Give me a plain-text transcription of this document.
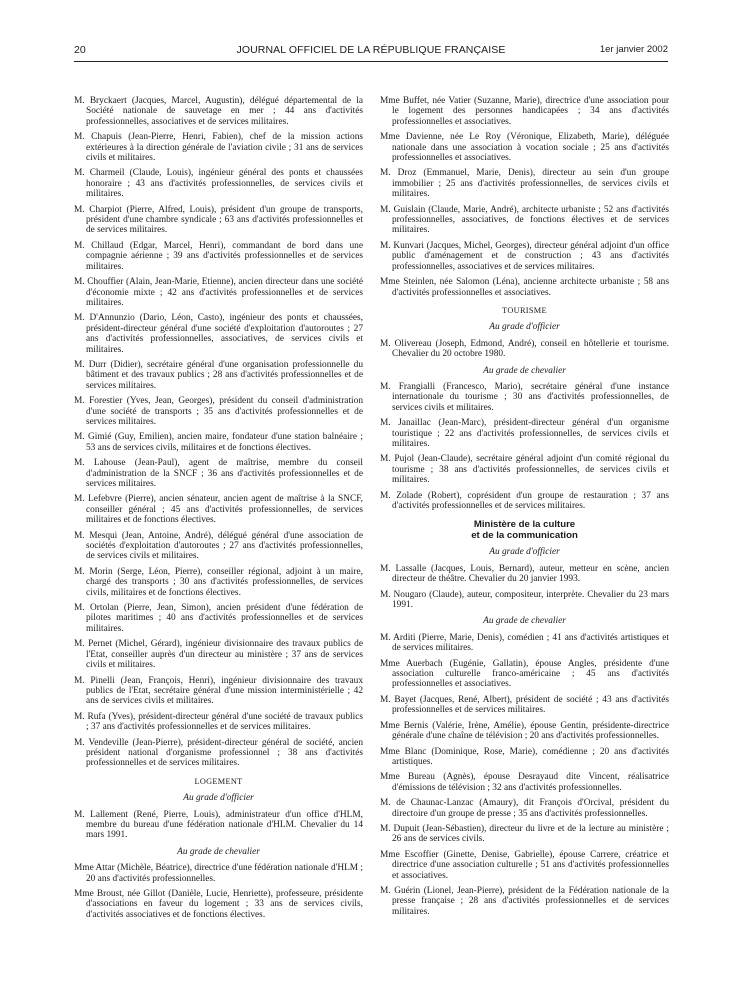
20	JOURNAL OFFICIEL DE LA RÉPUBLIQUE FRANÇAISE	1er janvier 2002
M. Bryckaert (Jacques, Marcel, Augustin), délégué départemental de la Société nationale de sauvetage en mer ; 44 ans d'activités professionnelles, associatives et de services militaires.
M. Chapuis (Jean-Pierre, Henri, Fabien), chef de la mission actions extérieures à la direction générale de l'aviation civile ; 31 ans de services civils et militaires.
M. Charmeil (Claude, Louis), ingénieur général des ponts et chaussées honoraire ; 43 ans d'activités professionnelles, de services civils et militaires.
M. Charpiot (Pierre, Alfred, Louis), président d'un groupe de transports, président d'une chambre syndicale ; 63 ans d'activités professionnelles et de services militaires.
M. Chillaud (Edgar, Marcel, Henri), commandant de bord dans une compagnie aérienne ; 39 ans d'activités professionnelles et de services militaires.
M. Chouffier (Alain, Jean-Marie, Etienne), ancien directeur dans une société d'économie mixte ; 42 ans d'activités professionnelles et de services militaires.
M. D'Annunzio (Dario, Léon, Casto), ingénieur des ponts et chaussées, président-directeur général d'une société d'exploitation d'autoroutes ; 27 ans d'activités professionnelles, associatives, de services civils et militaires.
M. Durr (Didier), secrétaire général d'une organisation professionnelle du bâtiment et des travaux publics ; 28 ans d'activités professionnelles et de services militaires.
M. Forestier (Yves, Jean, Georges), président du conseil d'administration d'une société de transports ; 35 ans d'activités professionnelles et de services militaires.
M. Gimié (Guy, Emilien), ancien maire, fondateur d'une station balnéaire ; 53 ans de services civils, militaires et de fonctions électives.
M. Lahouse (Jean-Paul), agent de maîtrise, membre du conseil d'administration de la SNCF ; 36 ans d'activités professionnelles et de services militaires.
M. Lefebvre (Pierre), ancien sénateur, ancien agent de maîtrise à la SNCF, conseiller général ; 45 ans d'activités professionnelles, de services militaires et de fonctions électives.
M. Mesqui (Jean, Antoine, André), délégué général d'une association de sociétés d'exploitation d'autoroutes ; 27 ans d'activités professionnelles, de services civils et militaires.
M. Morin (Serge, Léon, Pierre), conseiller régional, adjoint à un maire, chargé des transports ; 30 ans d'activités professionnelles, de services civils, militaires et de fonctions électives.
M. Ortolan (Pierre, Jean, Simon), ancien président d'une fédération de pilotes maritimes ; 40 ans d'activités professionnelles et de services militaires.
M. Pernet (Michel, Gérard), ingénieur divisionnaire des travaux publics de l'Etat, conseiller auprès d'un directeur au ministère ; 37 ans de services civils et militaires.
M. Pinelli (Jean, François, Henri), ingénieur divisionnaire des travaux publics de l'Etat, secrétaire général d'une mission interministérielle ; 42 ans de services civils et militaires.
M. Rufa (Yves), président-directeur général d'une société de travaux publics ; 37 ans d'activités professionnelles et de services militaires.
M. Vendeville (Jean-Pierre), président-directeur général de société, ancien président national d'organisme professionnel ; 38 ans d'activités professionnelles et de services militaires.
LOGEMENT
Au grade d'officier
M. Lallement (René, Pierre, Louis), administrateur d'un office d'HLM, membre du bureau d'une fédération nationale d'HLM. Chevalier du 14 mars 1991.
Au grade de chevalier
Mme Attar (Michèle, Béatrice), directrice d'une fédération nationale d'HLM ; 20 ans d'activités professionnelles.
Mme Broust, née Gillot (Danièle, Lucie, Henriette), professeure, présidente d'associations en faveur du logement ; 33 ans de services civils, d'activités associatives et de fonctions électives.
Mme Buffet, née Vatier (Suzanne, Marie), directrice d'une association pour le logement des personnes handicapées ; 34 ans d'activités professionnelles et associatives.
Mme Davienne, née Le Roy (Véronique, Elizabeth, Marie), déléguée nationale dans une association à vocation sociale ; 25 ans d'activités professionnelles et associatives.
M. Droz (Emmanuel, Marie, Denis), directeur au sein d'un groupe immobilier ; 25 ans d'activités professionnelles, de services civils et militaires.
M. Guislain (Claude, Marie, André), architecte urbaniste ; 52 ans d'activités professionnelles, associatives, de fonctions électives et de services militaires.
M. Kunvari (Jacques, Michel, Georges), directeur général adjoint d'un office public d'aménagement et de construction ; 43 ans d'activités professionnelles, associatives et de services militaires.
Mme Steinlen, née Salomon (Léna), ancienne architecte urbaniste ; 58 ans d'activités professionnelles et associatives.
TOURISME
Au grade d'officier
M. Olivereau (Joseph, Edmond, André), conseil en hôtellerie et tourisme. Chevalier du 20 octobre 1980.
Au grade de chevalier
M. Frangialli (Francesco, Mario), secrétaire général d'une instance internationale du tourisme ; 30 ans d'activités professionnelles, de services civils et militaires.
M. Janaillac (Jean-Marc), président-directeur général d'un organisme touristique ; 22 ans d'activités professionnelles, de services civils et militaires.
M. Pujol (Jean-Claude), secrétaire général adjoint d'un comité régional du tourisme ; 38 ans d'activités professionnelles, de services civils et militaires.
M. Zolade (Robert), coprésident d'un groupe de restauration ; 37 ans d'activités professionnelles et de services militaires.
Ministère de la culture
et de la communication
Au grade d'officier
M. Lassalle (Jacques, Louis, Bernard), auteur, metteur en scène, ancien directeur de théâtre. Chevalier du 20 janvier 1993.
M. Nougaro (Claude), auteur, compositeur, interprète. Chevalier du 23 mars 1991.
Au grade de chevalier
M. Arditi (Pierre, Marie, Denis), comédien ; 41 ans d'activités artistiques et de services militaires.
Mme Auerbach (Eugénie, Gallatin), épouse Angles, présidente d'une association culturelle franco-américaine ; 45 ans d'activités professionnelles et associatives.
M. Bayet (Jacques, René, Albert), président de société ; 43 ans d'activités professionnelles et de services militaires.
Mme Bernis (Valérie, Irène, Amélie), épouse Gentin, présidente-directrice générale d'une chaîne de télévision ; 20 ans d'activités professionnelles.
Mme Blanc (Dominique, Rose, Marie), comédienne ; 20 ans d'activités artistiques.
Mme Bureau (Agnès), épouse Desrayaud dite Vincent, réalisatrice d'émissions de télévision ; 32 ans d'activités professionnelles.
M. de Chaunac-Lanzac (Amaury), dit François d'Orcival, président du directoire d'un groupe de presse ; 35 ans d'activités professionnelles.
M. Dupuit (Jean-Sébastien), directeur du livre et de la lecture au ministère ; 26 ans de services civils.
Mme Escoffier (Ginette, Denise, Gabrielle), épouse Carrere, créatrice et directrice d'une association culturelle ; 51 ans d'activités professionnelles et associatives.
M. Guérin (Lionel, Jean-Pierre), président de la Fédération nationale de la presse française ; 28 ans d'activités professionnelles et de services militaires.
